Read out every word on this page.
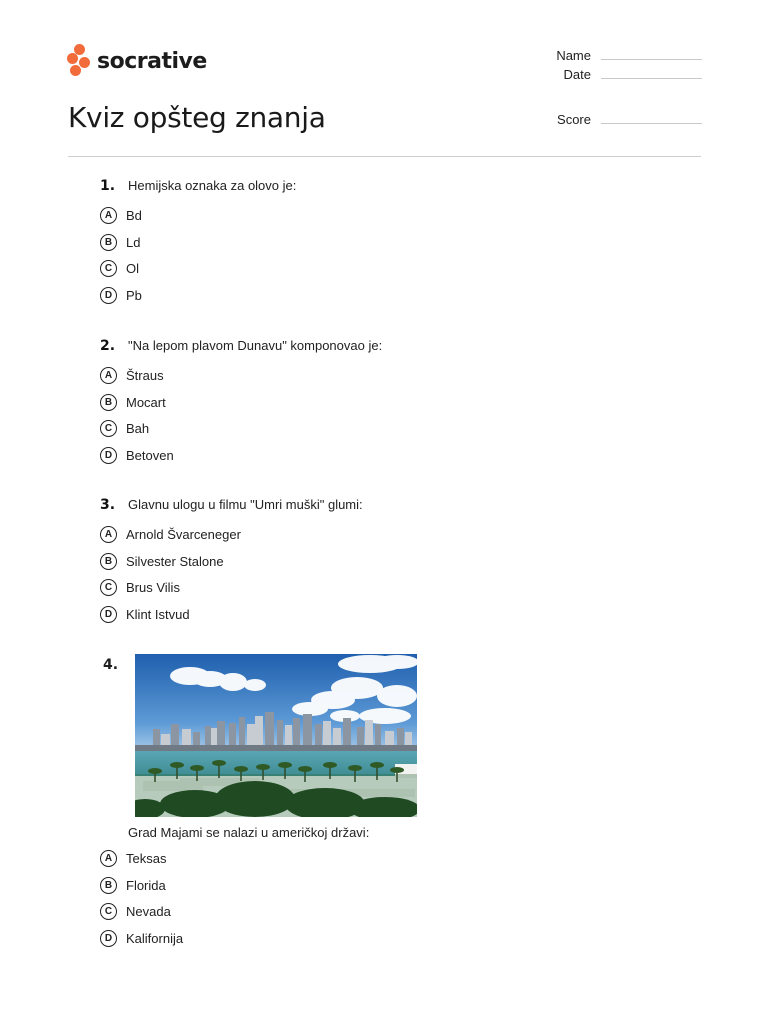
socrative	Name
Date
Score
Kviz opšteg znanja
1. Hemijska oznaka za olovo je:
A	Bd
B	Ld
C	Ol
D	Pb
2. "Na lepom plavom Dunavu" komponovao je:
A	Štraus
B	Mocart
C	Bah
D	Betoven
3. Glavnu ulogu u filmu "Umri muški" glumi:
A	Arnold Švarceneger
B	Silvester Stalone
C	Brus Vilis
D	Klint Istvud
4.
Grad Majami se nalazi u američkoj državi:
A	Teksas
B	Florida
C	Nevada
D	Kalifornija
